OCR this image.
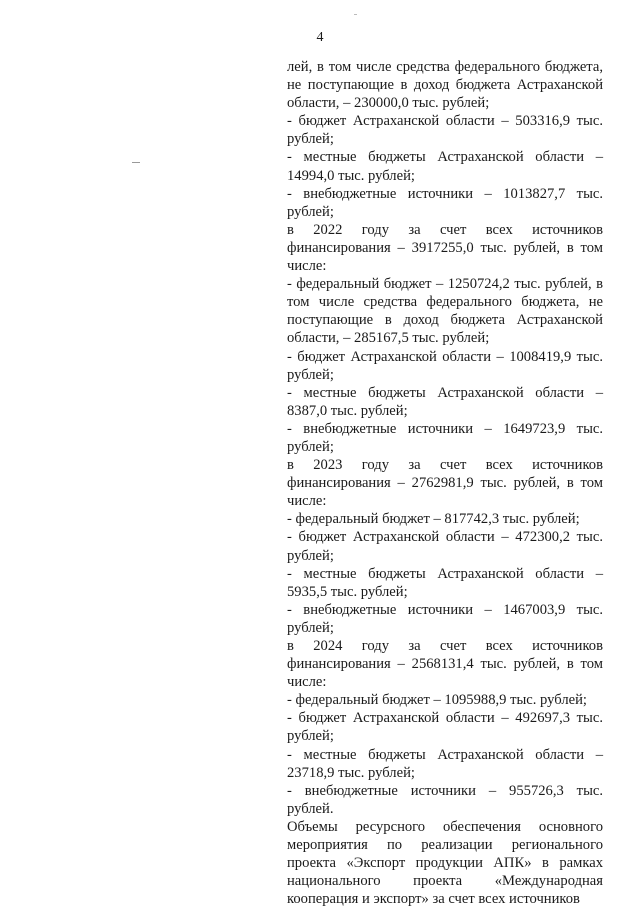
4

лей, в том числе средства федерального бюджета, не поступающие в доход бюджета Астраханской области, – 230000,0 тыс. рублей;

- бюджет Астраханской области – 503316,9 тыс. рублей;

- местные бюджеты Астраханской области – 14994,0 тыс. рублей;

- внебюджетные источники – 1013827,7 тыс. рублей;

в 2022 году за счет всех источников финансирования – 3917255,0 тыс. рублей, в том числе:

- федеральный бюджет – 1250724,2 тыс. рублей, в том числе средства федерального бюджета, не поступающие в доход бюджета Астраханской области, – 285167,5 тыс. рублей;

- бюджет Астраханской области – 1008419,9 тыс. рублей;

- местные бюджеты Астраханской области – 8387,0 тыс. рублей;

- внебюджетные источники – 1649723,9 тыс. рублей;

в 2023 году за счет всех источников финансирования – 2762981,9 тыс. рублей, в том числе:

- федеральный бюджет – 817742,3 тыс. рублей;

- бюджет Астраханской области – 472300,2 тыс. рублей;

- местные бюджеты Астраханской области – 5935,5 тыс. рублей;

- внебюджетные источники – 1467003,9 тыс. рублей;

в 2024 году за счет всех источников финансирования – 2568131,4 тыс. рублей, в том числе:

- федеральный бюджет – 1095988,9 тыс. рублей;

- бюджет Астраханской области – 492697,3 тыс. рублей;

- местные бюджеты Астраханской области – 23718,9 тыс. рублей;

- внебюджетные источники – 955726,3 тыс. рублей.

Объемы ресурсного обеспечения основного мероприятия по реализации регионального проекта «Экспорт продукции АПК» в рамках национального проекта «Международная кооперация и экспорт» за счет всех источников
